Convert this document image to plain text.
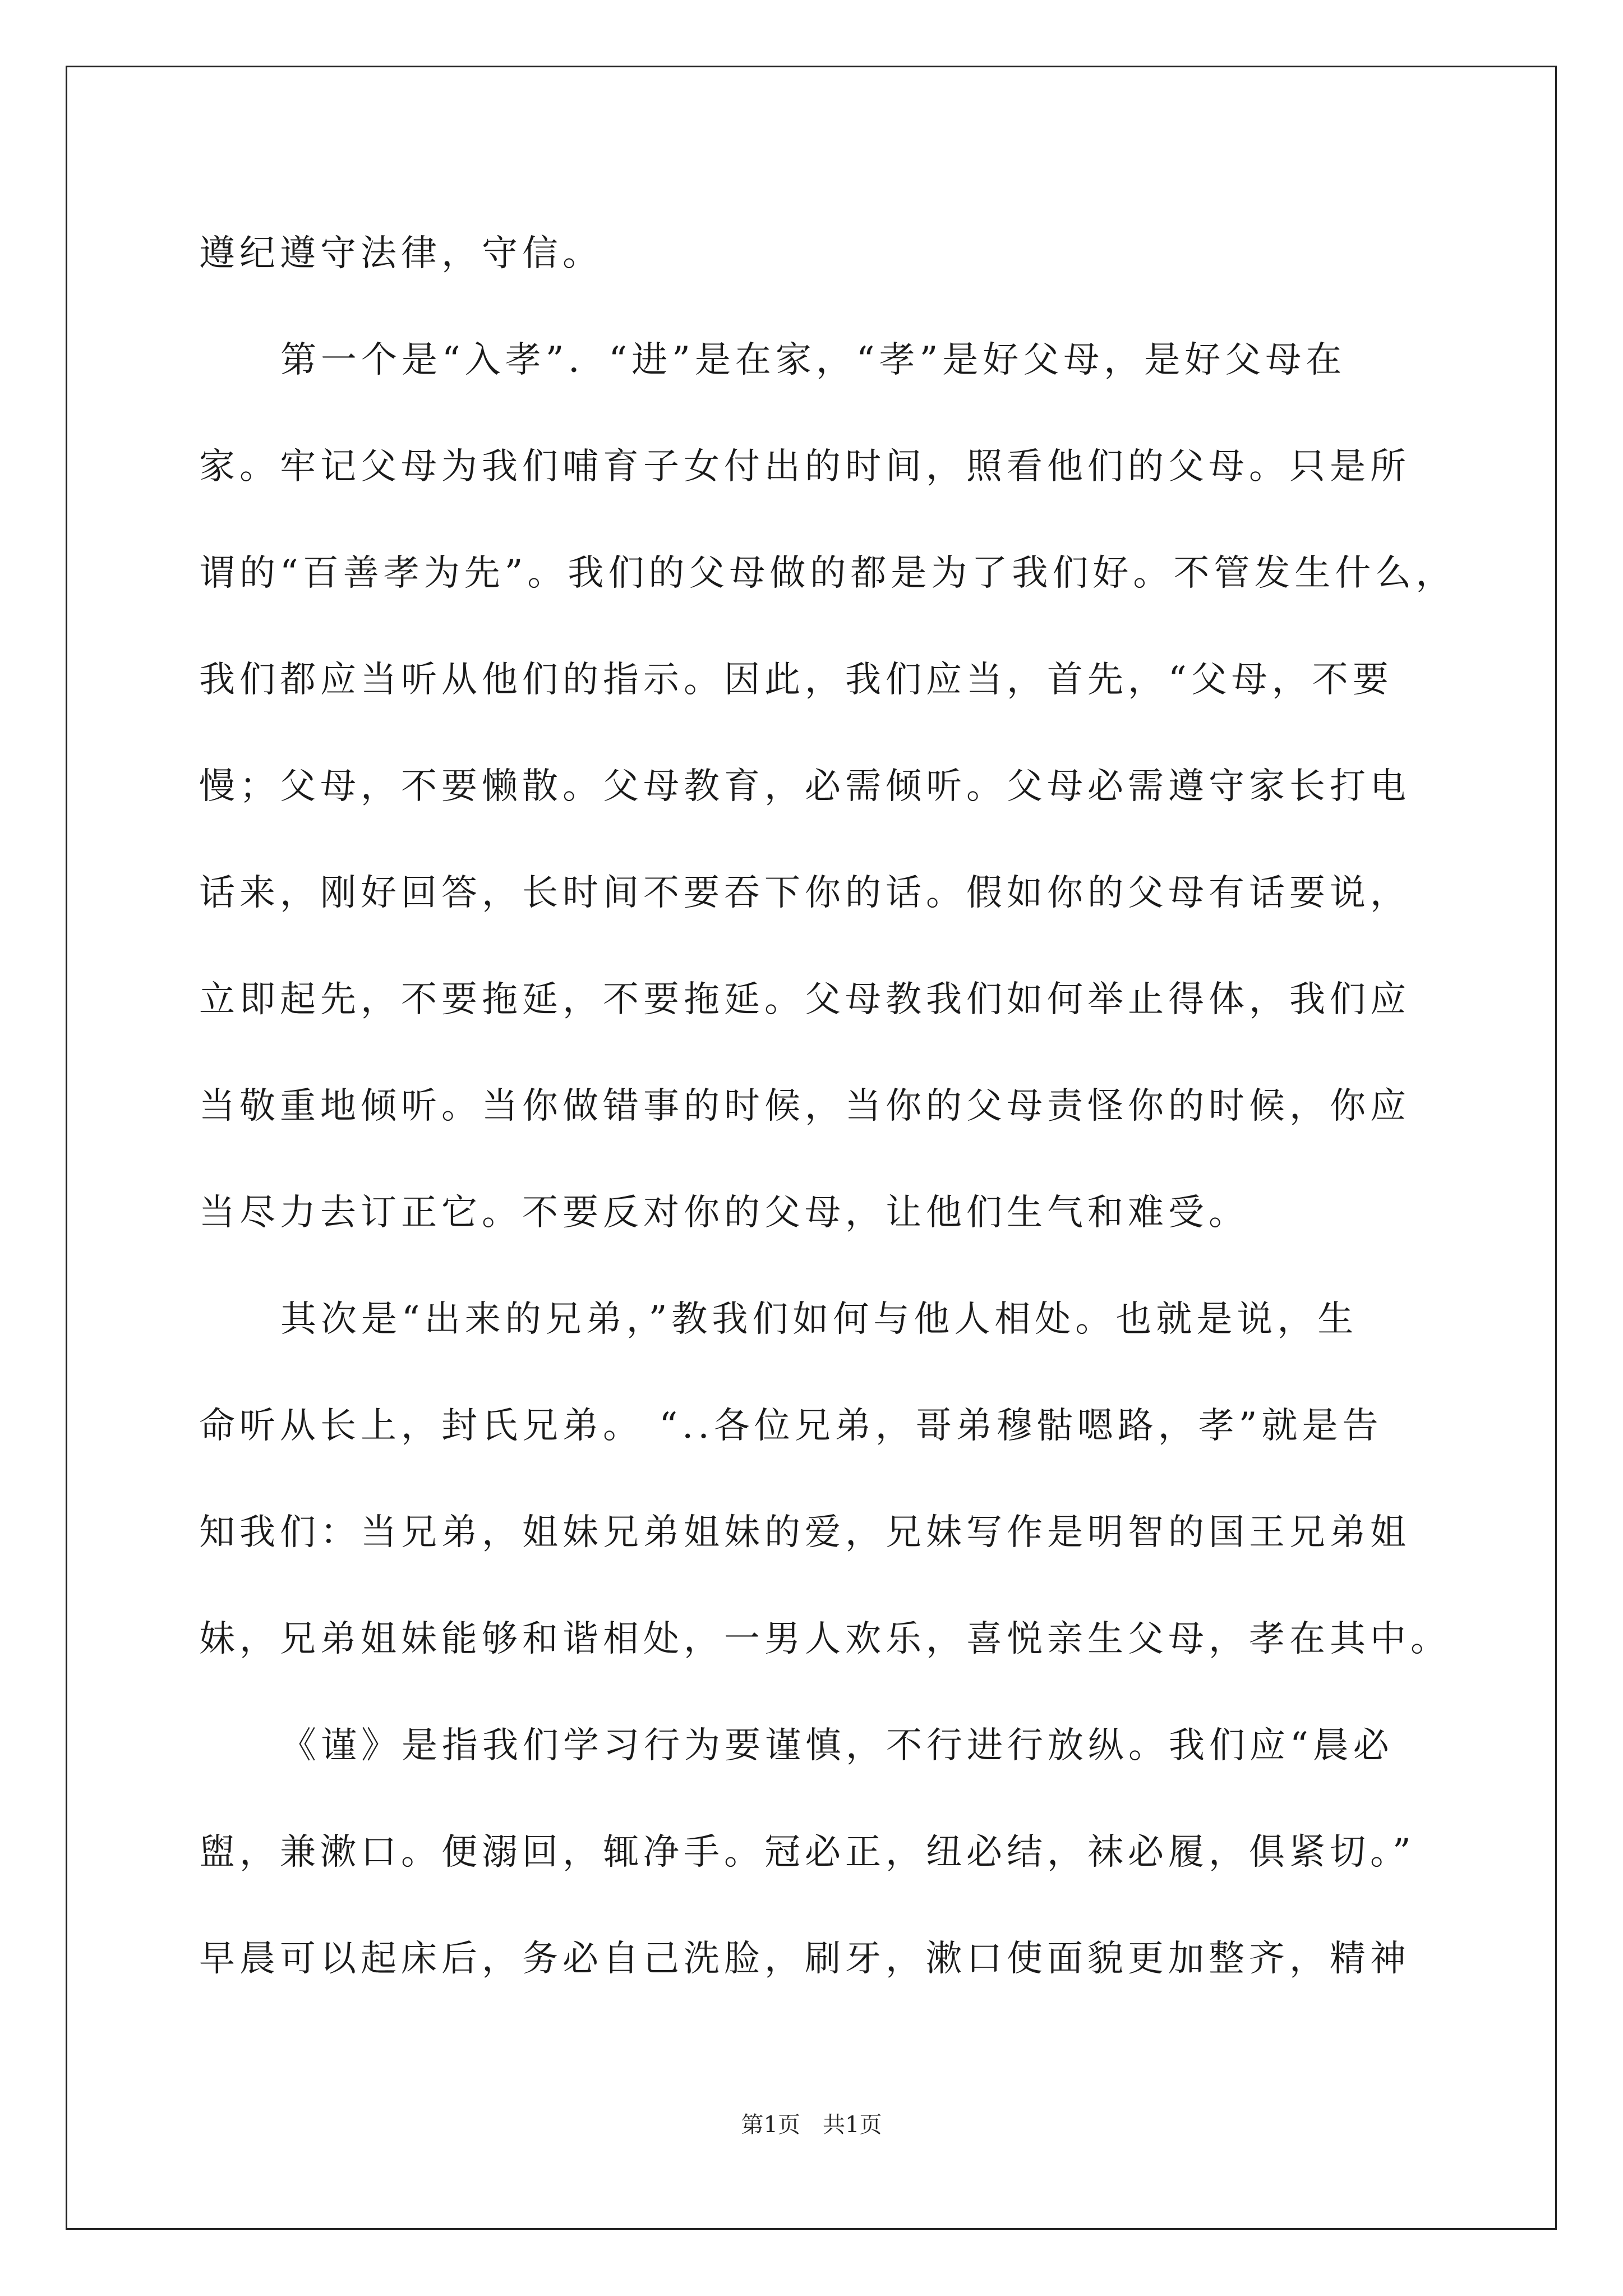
遵纪遵守法律，守信。
第一个是“入孝”．“进”是在家，“孝”是好父母，是好父母在
家。牢记父母为我们哺育子女付出的时间，照看他们的父母。只是所
谓的“百善孝为先”。我们的父母做的都是为了我们好。不管发生什么，
我们都应当听从他们的指示。因此，我们应当，首先，“父母，不要
慢；父母，不要懒散。父母教育，必需倾听。父母必需遵守家长打电
话来，刚好回答，长时间不要吞下你的话。假如你的父母有话要说，
立即起先，不要拖延，不要拖延。父母教我们如何举止得体，我们应
当敬重地倾听。当你做错事的时候，当你的父母责怪你的时候，你应
当尽力去订正它。不要反对你的父母，让他们生气和难受。
其次是“出来的兄弟，”教我们如何与他人相处。也就是说，生
命听从长上，封氏兄弟。 “..各位兄弟，哥弟穆骷嗯路，孝”就是告
知我们：当兄弟，姐妹兄弟姐妹的爱，兄妹写作是明智的国王兄弟姐
妹，兄弟姐妹能够和谐相处，一男人欢乐，喜悦亲生父母，孝在其中。
《谨》是指我们学习行为要谨慎，不行进行放纵。我们应“晨必
盥，兼漱口。便溺回，辄净手。冠必正，纽必结，袜必履，俱紧切。”
早晨可以起床后，务必自己洗脸，刷牙，漱口使面貌更加整齐，精神
第1页　共1页
